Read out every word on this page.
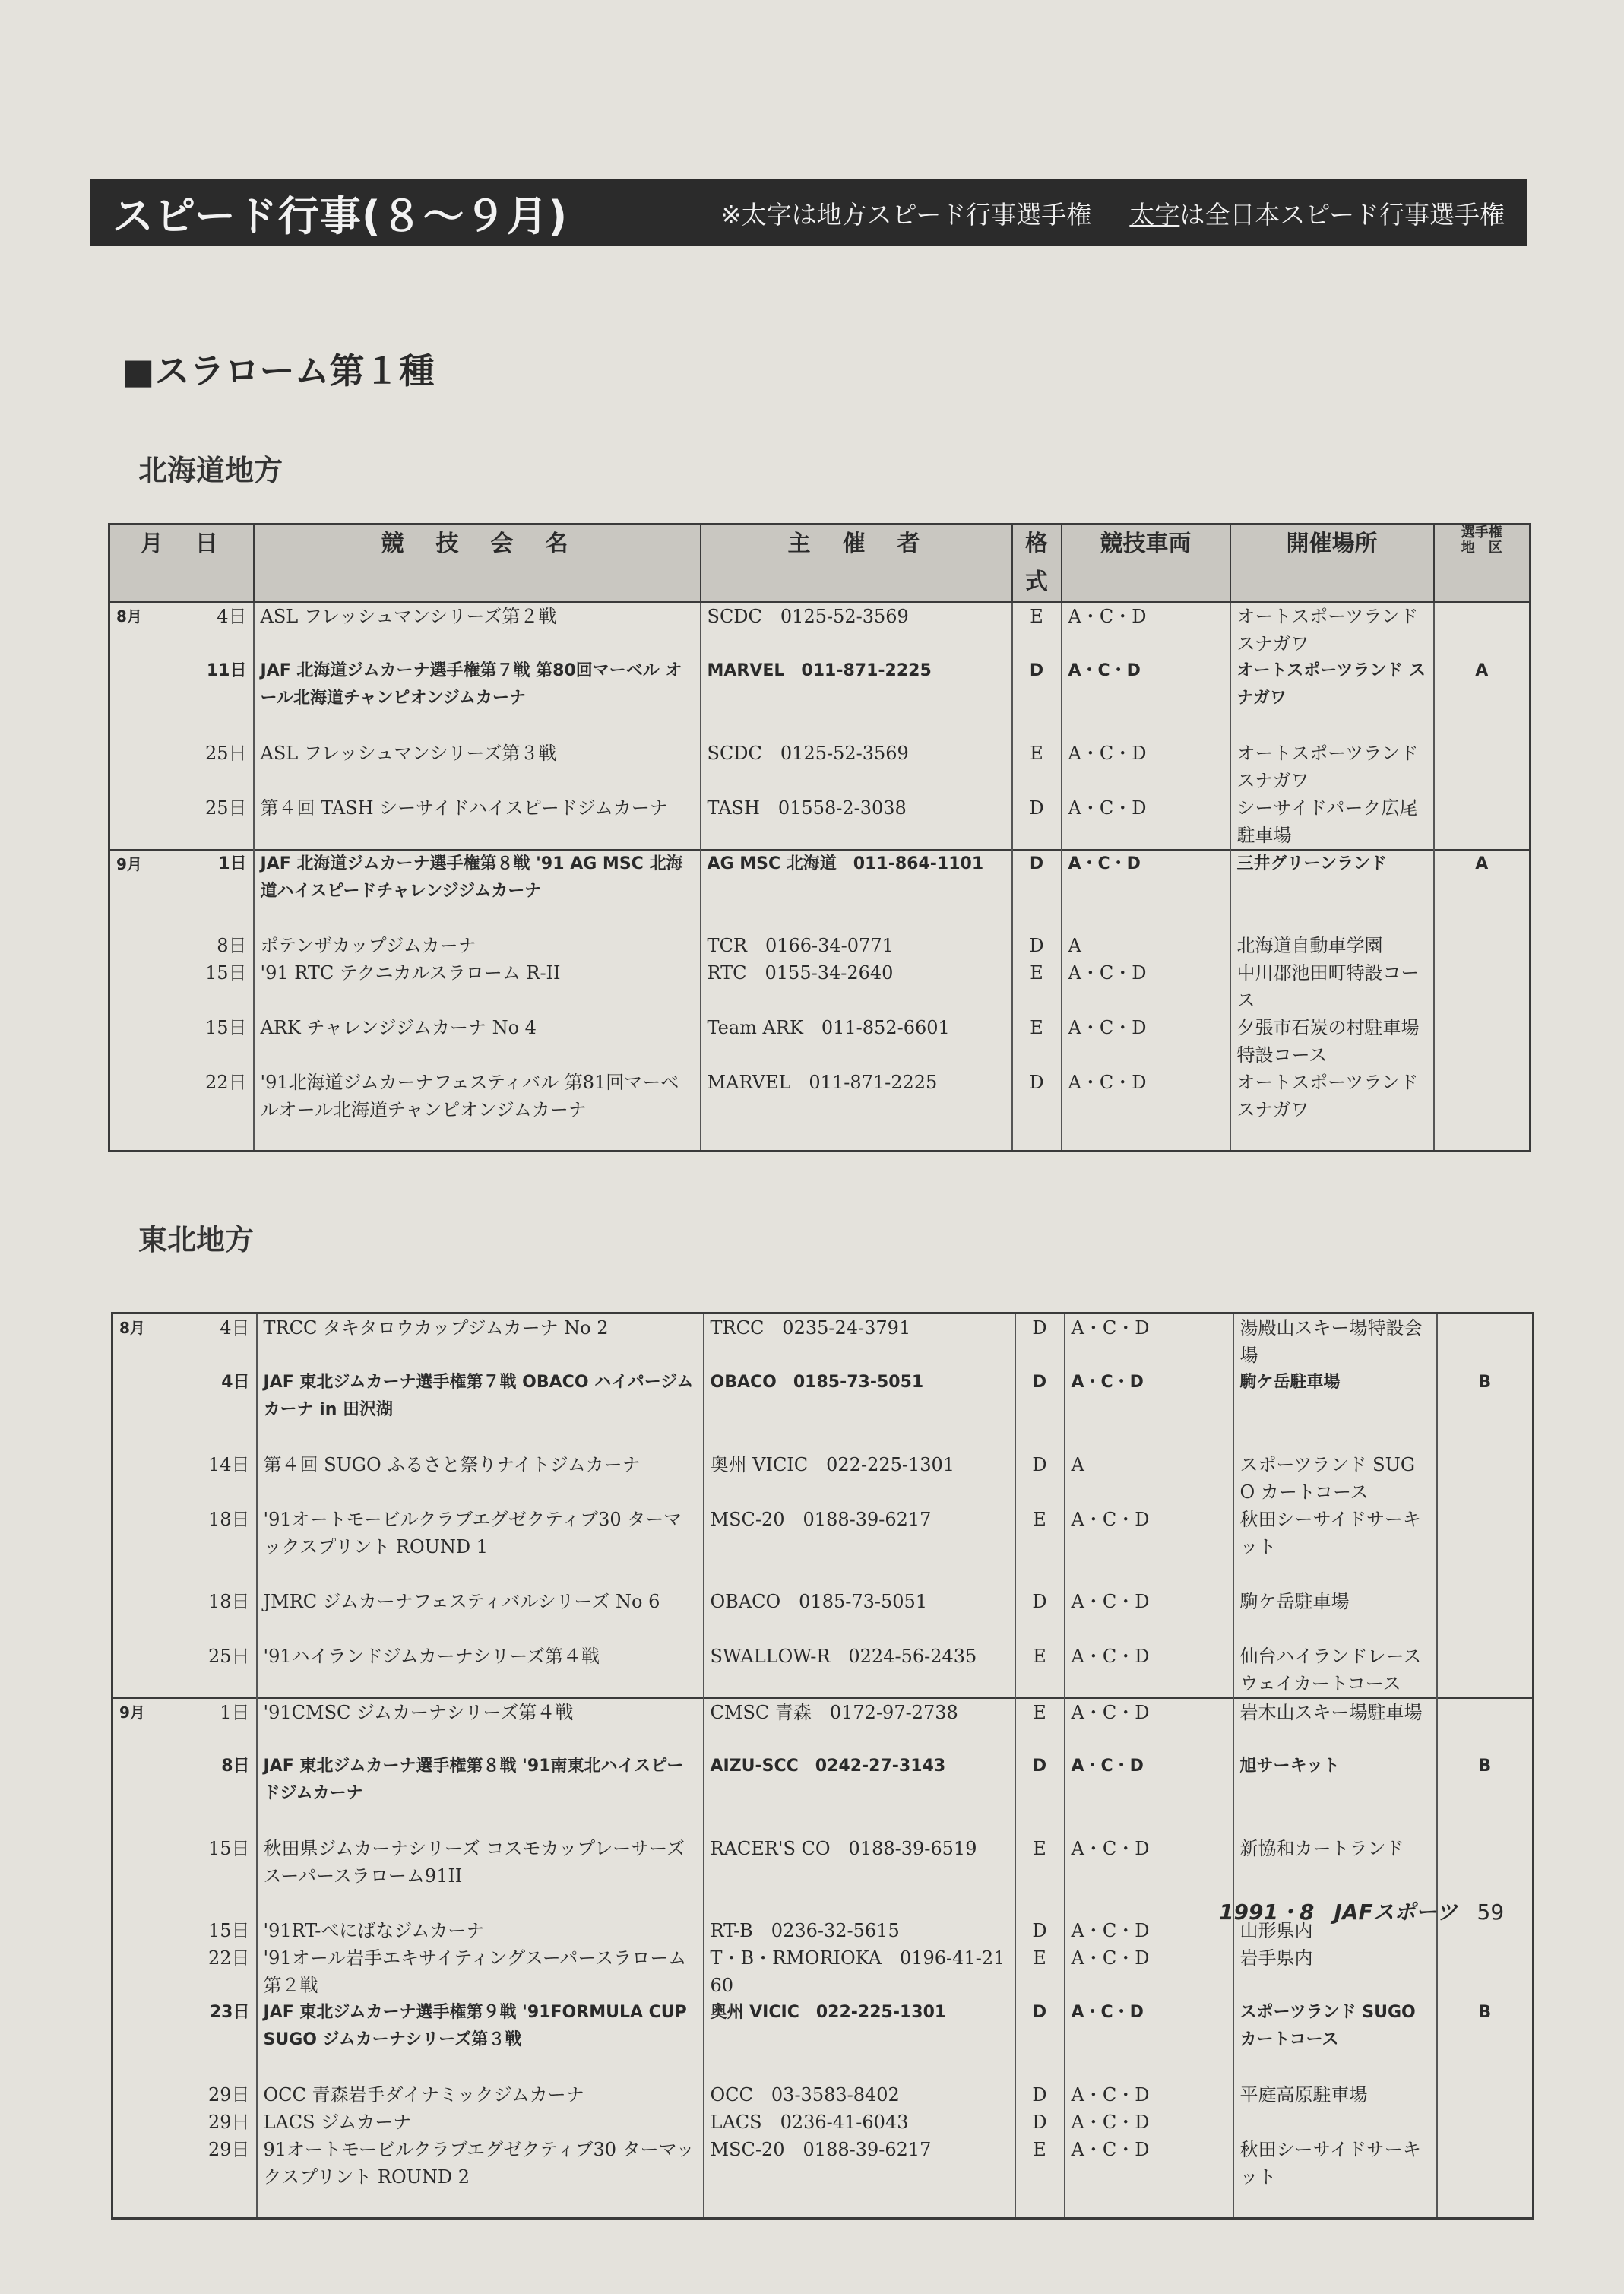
スピード行事(８〜９月)	※太字は地方スピード行事選手権 太字は全日本スピード行事選手権
■スラローム第１種
北海道地方
月　日	競　技　会　名	主　催　者	格式	競技車両	開催場所	選手権
地　区

8月 4日	ASL フレッシュマンシリーズ第２戦	SCDC　0125-52-3569	E	A・C・D	オートスポーツランドスナガワ	

11日	JAF 北海道ジムカーナ選手権第７戦 第80回マーベル オール北海道チャンピオンジムカーナ	MARVEL　011-871-2225	D	A・C・D	オートスポーツランド スナガワ	A

25日	ASL フレッシュマンシリーズ第３戦	SCDC　0125-52-3569	E	A・C・D	オートスポーツランドスナガワ	

25日	第４回 TASH シーサイドハイスピードジムカーナ	TASH　01558-2-3038	D	A・C・D	シーサイドパーク広尾駐車場	

9月 1日	JAF 北海道ジムカーナ選手権第８戦 '91 AG MSC 北海道ハイスピードチャレンジジムカーナ	AG MSC 北海道　011-864-1101	D	A・C・D	三井グリーンランド	A

8日	ポテンザカップジムカーナ	TCR　0166-34-0771	D	A	北海道自動車学園	

15日	'91 RTC テクニカルスラローム R-II	RTC　0155-34-2640	E	A・C・D	中川郡池田町特設コース	

15日	ARK チャレンジジムカーナ No 4	Team ARK　011-852-6601	E	A・C・D	夕張市石炭の村駐車場特設コース	

22日	'91北海道ジムカーナフェスティバル 第81回マーベルオール北海道チャンピオンジムカーナ	MARVEL　011-871-2225	D	A・C・D	オートスポーツランドスナガワ	
東北地方
8月 4日	TRCC タキタロウカップジムカーナ No 2	TRCC　0235-24-3791	D	A・C・D	湯殿山スキー場特設会場	

4日	JAF 東北ジムカーナ選手権第７戦 OBACO ハイパージムカーナ in 田沢湖	OBACO　0185-73-5051	D	A・C・D	駒ケ岳駐車場	B

14日	第４回 SUGO ふるさと祭りナイトジムカーナ	奥州 VICIC　022-225-1301	D	A	スポーツランド SUGO カートコース	

18日	'91オートモービルクラブエグゼクティブ30 ターマックスプリント ROUND 1	MSC-20　0188-39-6217	E	A・C・D	秋田シーサイドサーキット	

18日	JMRC ジムカーナフェスティバルシリーズ No 6	OBACO　0185-73-5051	D	A・C・D	駒ケ岳駐車場	

25日	'91ハイランドジムカーナシリーズ第４戦	SWALLOW-R　0224-56-2435	E	A・C・D	仙台ハイランドレースウェイカートコース	

9月 1日	'91CMSC ジムカーナシリーズ第４戦	CMSC 青森　0172-97-2738	E	A・C・D	岩木山スキー場駐車場	

8日	JAF 東北ジムカーナ選手権第８戦 '91南東北ハイスピードジムカーナ	AIZU-SCC　0242-27-3143	D	A・C・D	旭サーキット	B

15日	秋田県ジムカーナシリーズ コスモカップレーサーズスーパースラローム91II	RACER'S CO　0188-39-6519	E	A・C・D	新協和カートランド	

15日	'91RT-べにばなジムカーナ	RT-B　0236-32-5615	D	A・C・D	山形県内	

22日	'91オール岩手エキサイティングスーパースラローム第２戦	T・B・RMORIOKA　0196-41-2160	E	A・C・D	岩手県内	

23日	JAF 東北ジムカーナ選手権第９戦 '91FORMULA CUP SUGO ジムカーナシリーズ第３戦	奥州 VICIC　022-225-1301	D	A・C・D	スポーツランド SUGO カートコース	B

29日	OCC 青森岩手ダイナミックジムカーナ	OCC　03-3583-8402	D	A・C・D	平庭高原駐車場	

29日	LACS ジムカーナ	LACS　0236-41-6043	D	A・C・D		

29日	91オートモービルクラブエグゼクティブ30 ターマックスプリント ROUND 2	MSC-20　0188-39-6217	E	A・C・D	秋田シーサイドサーキット	
1991・8 JAFスポーツ 59
